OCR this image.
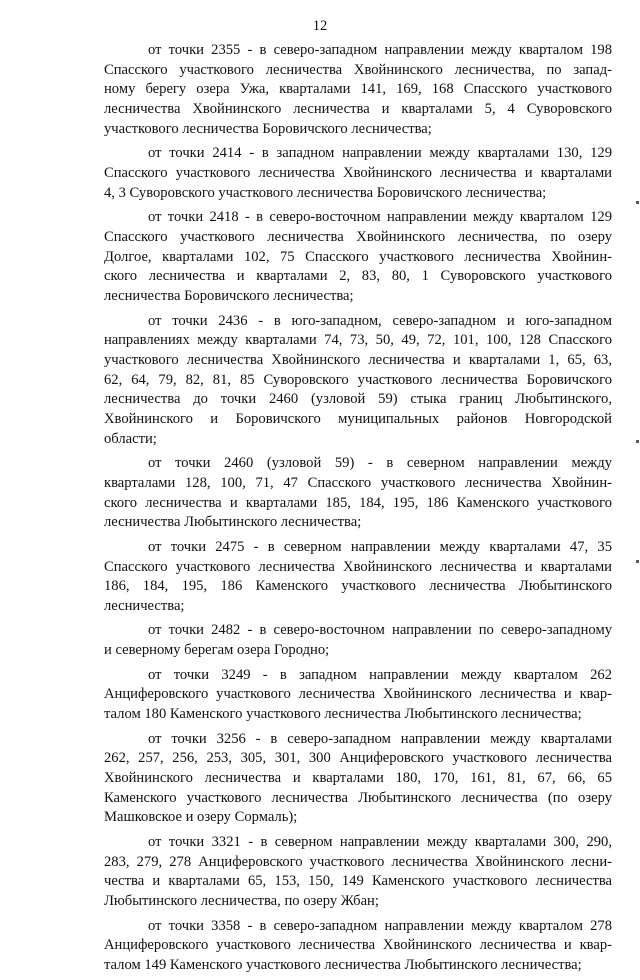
12
от точки 2355 - в северо-западном направлении между кварталом 198
Спасского участкового лесничества Хвойнинского лесничества, по запад-
ному берегу озера Ужа, кварталами 141, 169, 168 Спасского участкового
лесничества Хвойнинского лесничества и кварталами 5, 4 Суворовского
участкового лесничества Боровичского лесничества;
от точки 2414 - в западном направлении между кварталами 130, 129
Спасского участкового лесничества Хвойнинского лесничества и кварталами
4, 3 Суворовского участкового лесничества Боровичского лесничества;
от точки 2418 - в северо-восточном направлении между кварталом 129
Спасского участкового лесничества Хвойнинского лесничества, по озеру
Долгое, кварталами 102, 75 Спасского участкового лесничества Хвойнин-
ского лесничества и кварталами 2, 83, 80, 1 Суворовского участкового
лесничества Боровичского лесничества;
от точки 2436 - в юго-западном, северо-западном и юго-западном
направлениях между кварталами 74, 73, 50, 49, 72, 101, 100, 128 Спасского
участкового лесничества Хвойнинского лесничества и кварталами 1, 65, 63,
62, 64, 79, 82, 81, 85 Суворовского участкового лесничества Боровичского
лесничества до точки 2460 (узловой 59) стыка границ Любытинского,
Хвойнинского и Боровичского муниципальных районов Новгородской
области;
от точки 2460 (узловой 59) - в северном направлении между
кварталами 128, 100, 71, 47 Спасского участкового лесничества Хвойнин-
ского лесничества и кварталами 185, 184, 195, 186 Каменского участкового
лесничества Любытинского лесничества;
от точки 2475 - в северном направлении между кварталами 47, 35
Спасского участкового лесничества Хвойнинского лесничества и кварталами
186, 184, 195, 186 Каменского участкового лесничества Любытинского
лесничества;
от точки 2482 - в северо-восточном направлении по северо-западному
и северному берегам озера Городно;
от точки 3249 - в западном направлении между кварталом 262
Анциферовского участкового лесничества Хвойнинского лесничества и квар-
талом 180 Каменского участкового лесничества Любытинского лесничества;
от точки 3256 - в северо-западном направлении между кварталами
262, 257, 256, 253, 305, 301, 300 Анциферовского участкового лесничества
Хвойнинского лесничества и кварталами 180, 170, 161, 81, 67, 66, 65
Каменского участкового лесничества Любытинского лесничества (по озеру
Машковское и озеру Сормаль);
от точки 3321 - в северном направлении между кварталами 300, 290,
283, 279, 278 Анциферовского участкового лесничества Хвойнинского лесни-
чества и кварталами 65, 153, 150, 149 Каменского участкового лесничества
Любытинского лесничества, по озеру Жбан;
от точки 3358 - в северо-западном направлении между кварталом 278
Анциферовского участкового лесничества Хвойнинского лесничества и квар-
талом 149 Каменского участкового лесничества Любытинского лесничества;
